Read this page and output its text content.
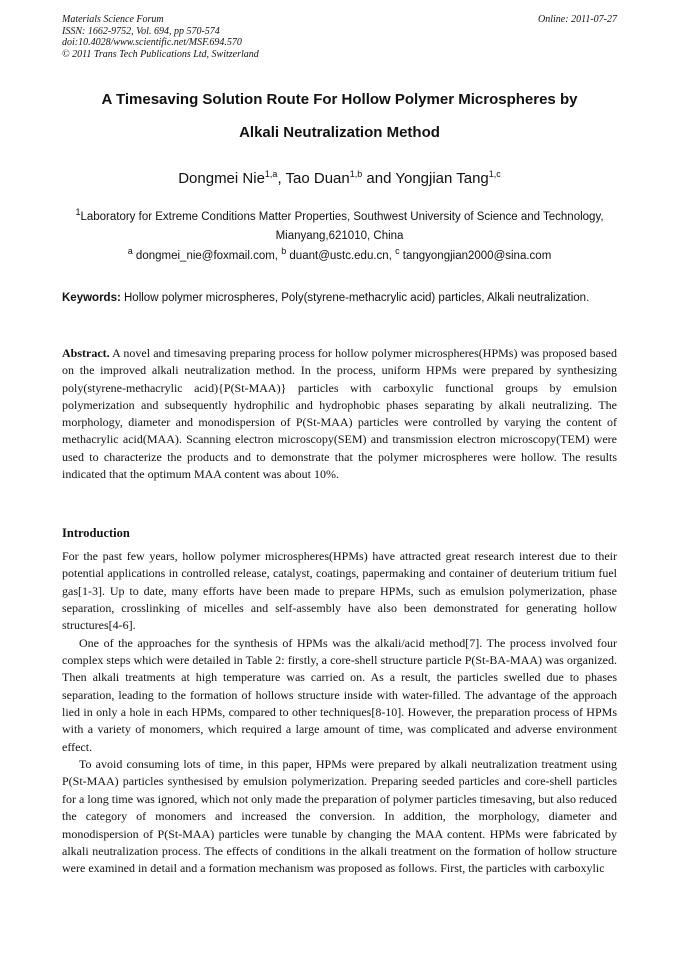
Materials Science Forum
ISSN: 1662-9752, Vol. 694, pp 570-574
doi:10.4028/www.scientific.net/MSF.694.570
© 2011 Trans Tech Publications Ltd, Switzerland
Online: 2011-07-27
A Timesaving Solution Route For Hollow Polymer Microspheres by
Alkali Neutralization Method
Dongmei Nie$^{1,a}$, Tao Duan$^{1,b}$ and Yongjian Tang$^{1,c}$
$^1$Laboratory for Extreme Conditions Matter Properties, Southwest University of Science and Technology, Mianyang,621010, China
$^a$ dongmei_nie@foxmail.com, $^b$ duant@ustc.edu.cn, $^c$ tangyongjian2000@sina.com
Keywords: Hollow polymer microspheres, Poly(styrene-methacrylic acid) particles, Alkali neutralization.
Abstract. A novel and timesaving preparing process for hollow polymer microspheres(HPMs) was proposed based on the improved alkali neutralization method. In the process, uniform HPMs were prepared by synthesizing poly(styrene-methacrylic acid){P(St-MAA)} particles with carboxylic functional groups by emulsion polymerization and subsequently hydrophilic and hydrophobic phases separating by alkali neutralizing. The morphology, diameter and monodispersion of P(St-MAA) particles were controlled by varying the content of methacrylic acid(MAA). Scanning electron microscopy(SEM) and transmission electron microscopy(TEM) were used to characterize the products and to demonstrate that the polymer microspheres were hollow. The results indicated that the optimum MAA content was about 10%.
Introduction

For the past few years, hollow polymer microspheres(HPMs) have attracted great research interest due to their potential applications in controlled release, catalyst, coatings, papermaking and container of deuterium tritium fuel gas[1-3]. Up to date, many efforts have been made to prepare HPMs, such as emulsion polymerization, phase separation, crosslinking of micelles and self-assembly have also been demonstrated for generating hollow structures[4-6].

One of the approaches for the synthesis of HPMs was the alkali/acid method[7]. The process involved four complex steps which were detailed in Table 2: firstly, a core-shell structure particle P(St-BA-MAA) was organized. Then alkali treatments at high temperature was carried on. As a result, the particles swelled due to phases separation, leading to the formation of hollows structure inside with water-filled. The advantage of the approach lied in only a hole in each HPMs, compared to other techniques[8-10]. However, the preparation process of HPMs with a variety of monomers, which required a large amount of time, was complicated and adverse environment effect.

To avoid consuming lots of time, in this paper, HPMs were prepared by alkali neutralization treatment using P(St-MAA) particles synthesised by emulsion polymerization. Preparing seeded particles and core-shell particles for a long time was ignored, which not only made the preparation of polymer particles timesaving, but also reduced the category of monomers and increased the conversion. In addition, the morphology, diameter and monodispersion of P(St-MAA) particles were tunable by changing the MAA content. HPMs were fabricated by alkali neutralization process. The effects of conditions in the alkali treatment on the formation of hollow structure were examined in detail and a formation mechanism was proposed as follows. First, the particles with carboxylic
